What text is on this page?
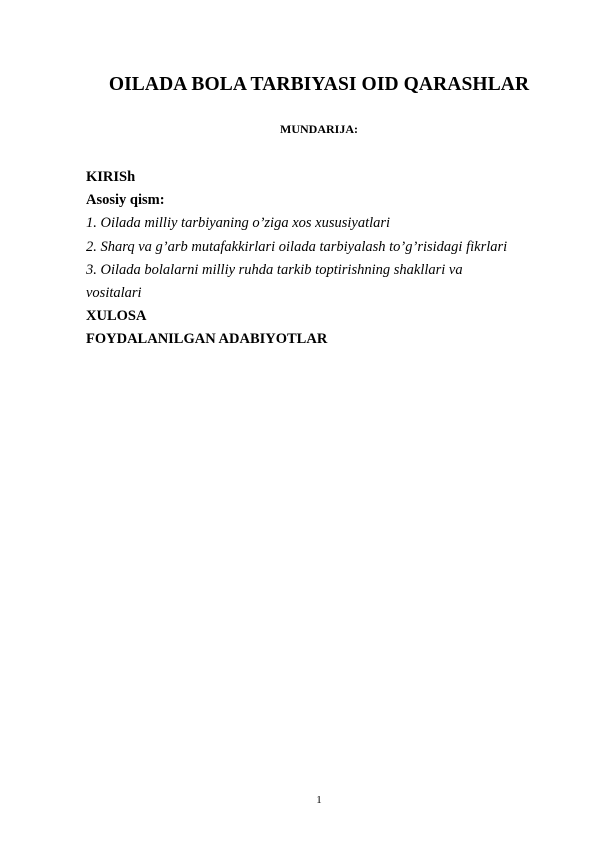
OILADA BOLA TARBIYASI OID QARASHLAR
MUNDARIJA:
KIRISh
Asosiy qism:
1. Oilada milliy tarbiyaning o’ziga xos xususiyatlari
2. Sharq va g’arb mutafakkirlari oilada tarbiyalash to’g’risidagi fikrlari
3. Oilada bolalarni milliy ruhda tarkib toptirishning shakllari va
vositalari
XULOSA
FOYDALANILGAN ADABIYOTLAR
1
